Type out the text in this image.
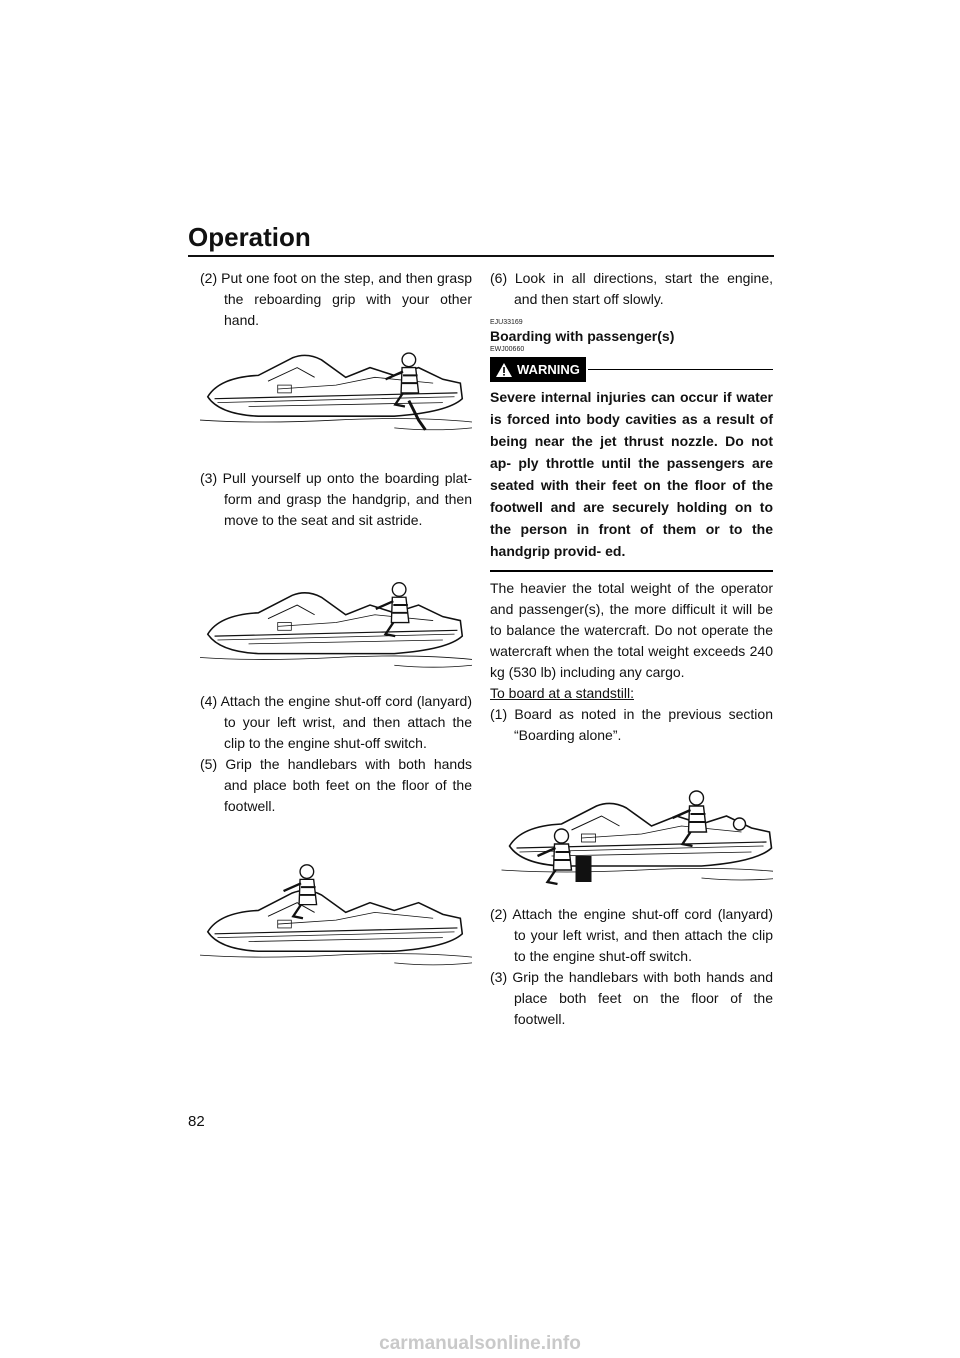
Operation

(2) Put one foot on the step, and then grasp the reboarding grip with your other hand.

(3) Pull yourself up onto the boarding plat- form and grasp the handgrip, and then move to the seat and sit astride.

(4) Attach the engine shut-off cord (lanyard) to your left wrist, and then attach the clip to the engine shut-off switch.

(5) Grip the handlebars with both hands and place both feet on the floor of the footwell.

(6) Look in all directions, start the engine, and then start off slowly.

EJU33169

Boarding with passenger(s)

EWJ00660
WARNING

Severe internal injuries can occur if water is forced into body cavities as a result of being near the jet thrust nozzle. Do not ap- ply throttle until the passengers are seated with their feet on the floor of the footwell and are securely holding on to the person in front of them or to the handgrip provid- ed.

The heavier the total weight of the operator and passenger(s), the more difficult it will be to balance the watercraft. Do not operate the watercraft when the total weight exceeds 240 kg (530 lb) including any cargo.

To board at a standstill:

(1) Board as noted in the previous section “Boarding alone”.

(2) Attach the engine shut-off cord (lanyard) to your left wrist, and then attach the clip to the engine shut-off switch.

(3) Grip the handlebars with both hands and place both feet on the floor of the footwell.

82
carmanualsonline.info
